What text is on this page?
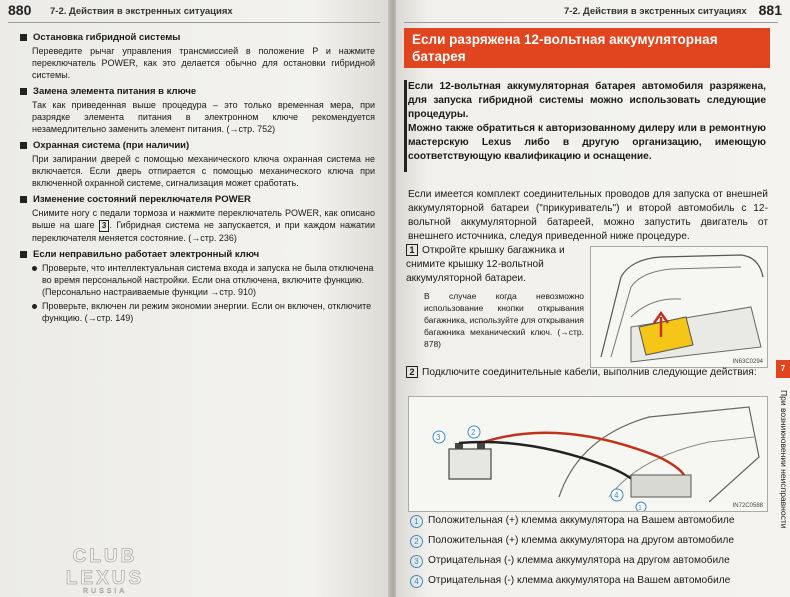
880 7-2. Действия в экстренных ситуациях
Остановка гибридной системы
Переведите рычаг управления трансмиссией в положение P и нажмите переключатель POWER, как это делается обычно для остановки гибридной системы.
Замена элемента питания в ключе
Так как приведенная выше процедура – это только временная мера, при разрядке элемента питания в электронном ключе рекомендуется незамедлительно заменить элемент питания. (→стр. 752)
Охранная система (при наличии)
При запирании дверей с помощью механического ключа охранная система не включается. Если дверь отпирается с помощью механического ключа при включенной охранной системе, сигнализация может сработать.
Изменение состояний переключателя POWER
Снимите ногу с педали тормоза и нажмите переключатель POWER, как описано выше на шаге 3 . Гибридная система не запускается, и при каждом нажатии переключателя меняется состояние. (→стр. 236)
Если неправильно работает электронный ключ
Проверьте, что интеллектуальная система входа и запуска не была отключена во время персональной настройки. Если она отключена, включите функцию. (Персонально настраиваемые функции →стр. 910)
Проверьте, включен ли режим экономии энергии. Если он включен, отключите функцию. (→стр. 149)
CLUB LEXUS
RUSSIA
7-2. Действия в экстренных ситуациях 881
Если разряжена 12-вольтная аккумуляторная батарея

Если 12-вольтная аккумуляторная батарея автомобиля разряжена, для запуска гибридной системы можно использовать следующие процедуры.

Можно также обратиться к авторизованному дилеру или в ремонтную мастерскую Lexus либо в другую организацию, имеющую соответствующую квалификацию и оснащение.

Если имеется комплект соединительных проводов для запуска от внешней аккумуляторной батареи ("прикуриватель") и второй автомобиль с 12-вольтной аккумуляторной батареей, можно запустить двигатель от внешнего источника, следуя приведенной ниже процедуре.
1 Откройте крышку багажника и снимите крышку 12-вольтной аккумуляторной батареи.
В случае когда невозможно использование кнопки открывания багажника, используйте для открывания багажника механический ключ. (→стр. 878)
IN63C0294
2 Подключите соединительные кабели, выполнив следующие действия:
2
3
4
1	IN72C0588
1 Положительная (+) клемма аккумулятора на Вашем автомобиле
2 Положительная (+) клемма аккумулятора на другом автомобиле
3 Отрицательная (-) клемма аккумулятора на другом автомобиле
4 Отрицательная (-) клемма аккумулятора на Вашем автомобиле
7
При возникновении неисправности
